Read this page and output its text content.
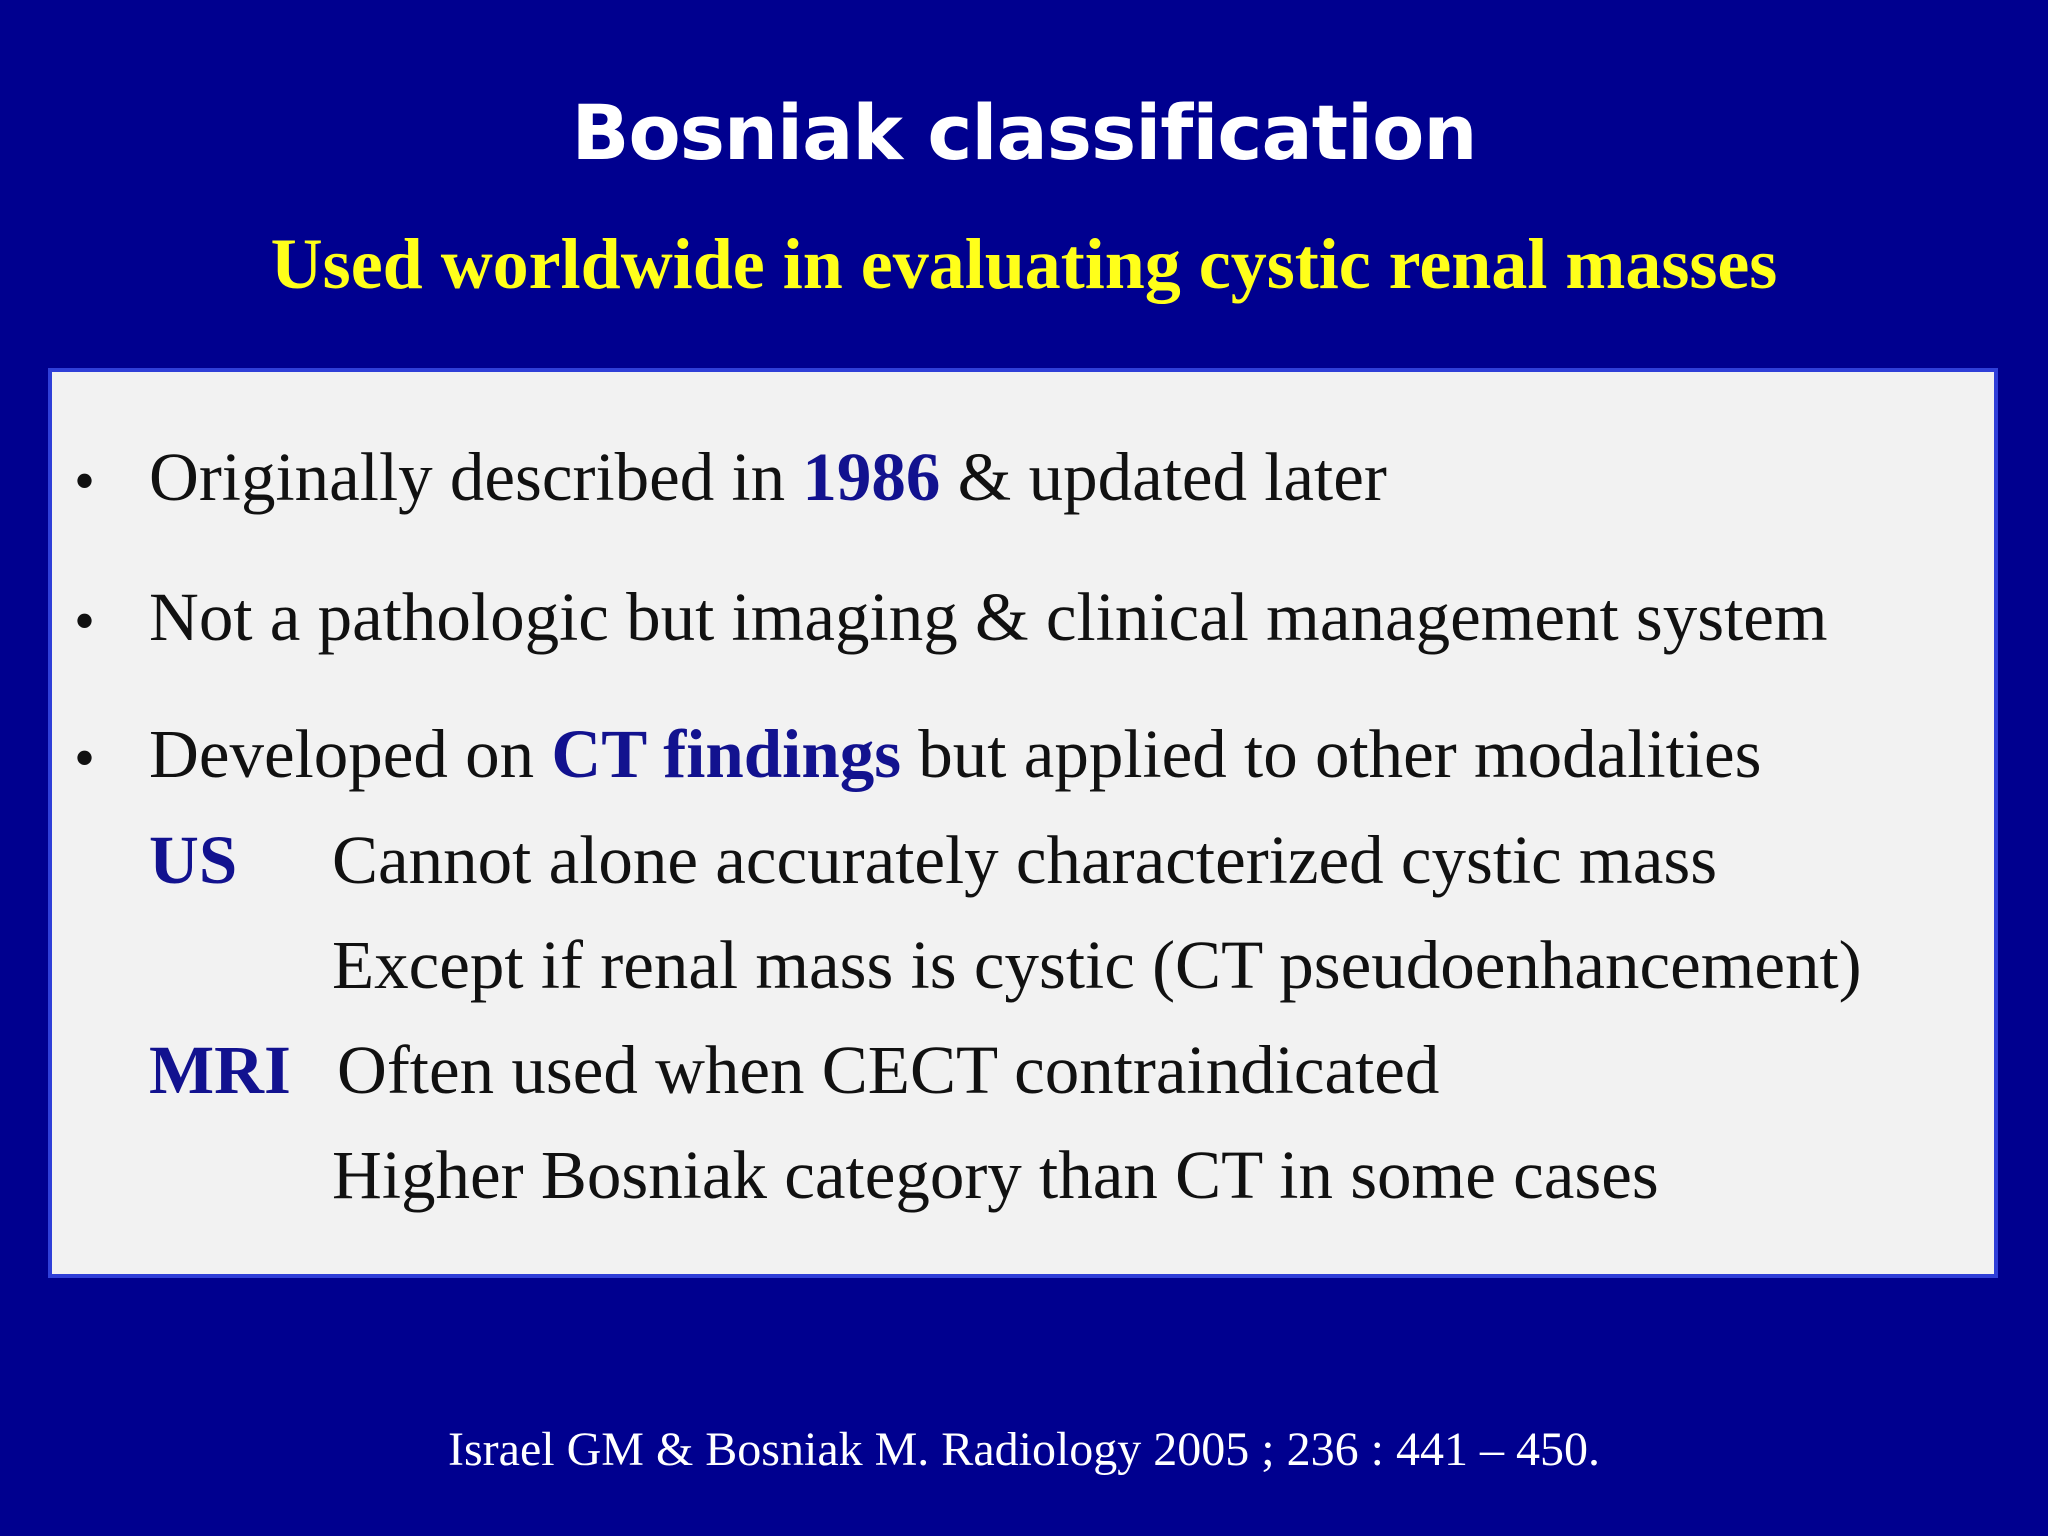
Bosniak classification
Used worldwide in evaluating cystic renal masses
• Originally described in 1986 & updated later
• Not a pathologic but imaging & clinical management system
• Developed on CT findings but applied to other modalities
US Cannot alone accurately characterized cystic mass
Except if renal mass is cystic (CT pseudoenhancement)
MRI Often used when CECT contraindicated
Higher Bosniak category than CT in some cases
Israel GM & Bosniak M. Radiology 2005 ; 236 : 441 – 450.
